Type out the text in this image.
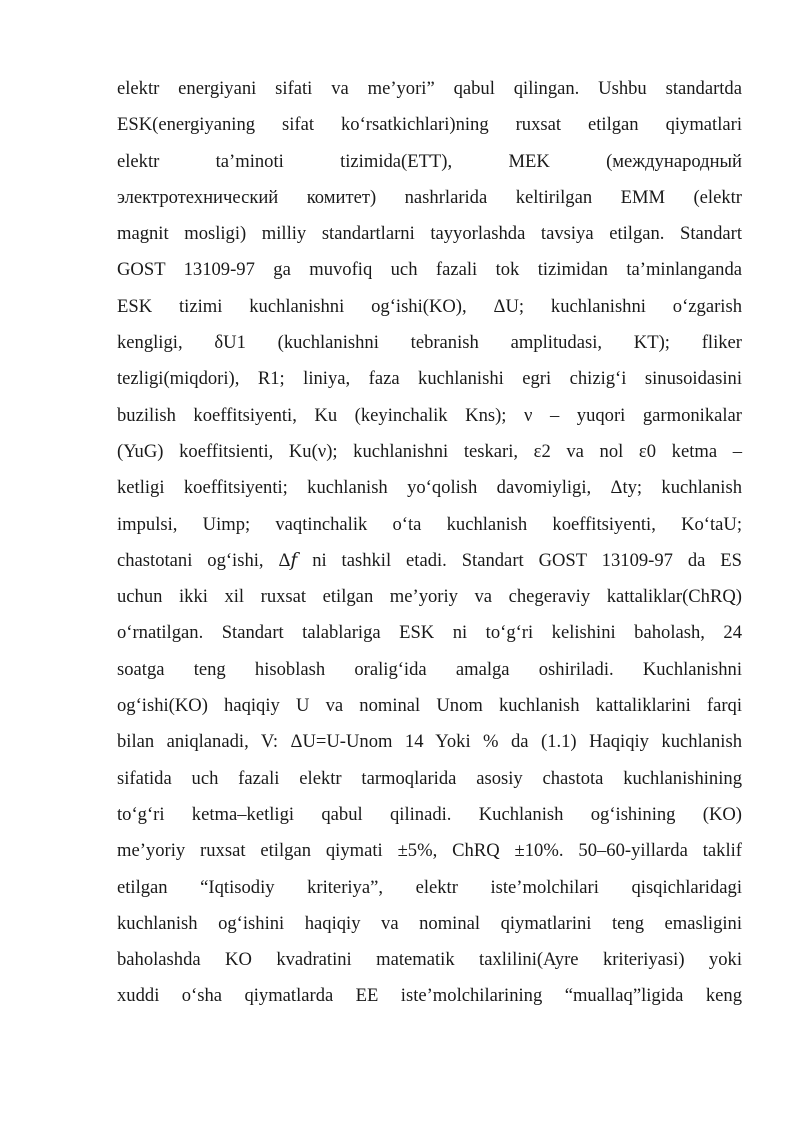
elektr energiyani sifati va me’yori” qabul qilingan. Ushbu standartda
ESK(energiyaning sifat ko‘rsatkichlari)ning ruxsat etilgan qiymatlari
elektr ta’minoti tizimida(ETT), MEK (международный
электротехнический комитет) nashrlarida keltirilgan EMM (elektr
magnit mosligi) milliy standartlarni tayyorlashda tavsiya etilgan. Standart
GOST 13109-97 ga muvofiq uch fazali tok tizimidan ta’minlanganda
ESK tizimi kuchlanishni og‘ishi(KO), ΔU; kuchlanishni o‘zgarish
kengligi, δU1 (kuchlanishni tebranish amplitudasi, KT); fliker
tezligi(miqdori), R1; liniya, faza kuchlanishi egri chizig‘i sinusoidasini
buzilish koeffitsiyenti, Ku (keyinchalik Kns); ν – yuqori garmonikalar
(YuG) koeffitsienti, Ku(ν); kuchlanishni teskari, ε2 va nol ε0 ketma –
ketligi koeffitsiyenti; kuchlanish yo‘qolish davomiyligi, Δty; kuchlanish
impulsi, Uimp; vaqtinchalik o‘ta kuchlanish koeffitsiyenti, Ko‘taU;
chastotani og‘ishi, Δ𝑓 ni tashkil etadi. Standart GOST 13109-97 da ES
uchun ikki xil ruxsat etilgan me’yoriy va chegeraviy kattaliklar(ChRQ)
o‘rnatilgan. Standart talablariga ESK ni to‘g‘ri kelishini baholash, 24
soatga teng hisoblash oralig‘ida amalga oshiriladi. Kuchlanishni
og‘ishi(KO) haqiqiy U va nominal Unom kuchlanish kattaliklarini farqi
bilan aniqlanadi, V: ΔU=U-Unom 14 Yoki % da (1.1) Haqiqiy kuchlanish
sifatida uch fazali elektr tarmoqlarida asosiy chastota kuchlanishining
to‘g‘ri ketma–ketligi qabul qilinadi. Kuchlanish og‘ishining (KO)
me’yoriy ruxsat etilgan qiymati ±5%, ChRQ ±10%. 50–60-yillarda taklif
etilgan “Iqtisodiy kriteriya”, elektr iste’molchilari qisqichlaridagi
kuchlanish og‘ishini haqiqiy va nominal qiymatlarini teng emasligini
baholashda KO kvadratini matematik taxlilini(Ayre kriteriyasi) yoki
xuddi o‘sha qiymatlarda EE iste’molchilarining “muallaq”ligida keng
